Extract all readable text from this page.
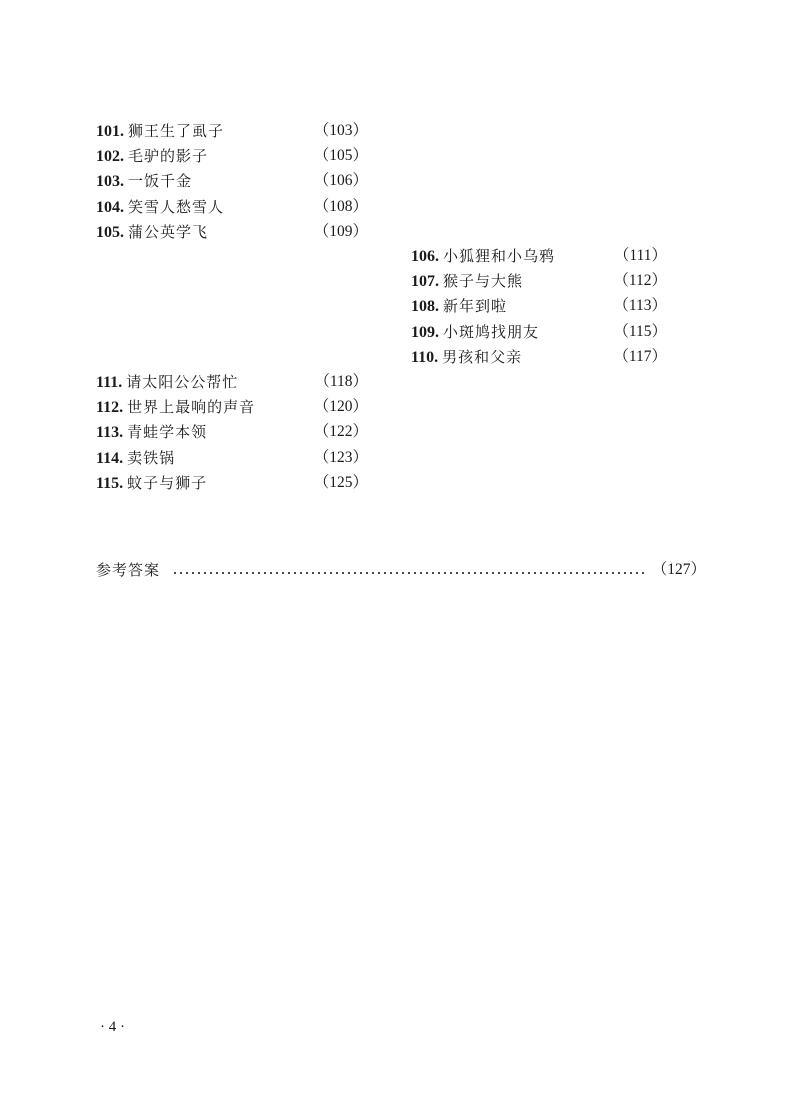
101. 狮王生了虱子	（103）
102. 毛驴的影子	（105）
103. 一饭千金	（106）
104. 笑雪人愁雪人	（108）
105. 蒲公英学飞	（109）
106. 小狐狸和小乌鸦	（111）
107. 猴子与大熊	（112）
108. 新年到啦	（113）
109. 小斑鸠找朋友	（115）
110. 男孩和父亲	（117）
111. 请太阳公公帮忙	（118）
112. 世界上最响的声音	（120）
113. 青蛙学本领	（122）
114. 卖铁锅	（123）
115. 蚊子与狮子	（125）
参考答案	（127）
· 4 ·
